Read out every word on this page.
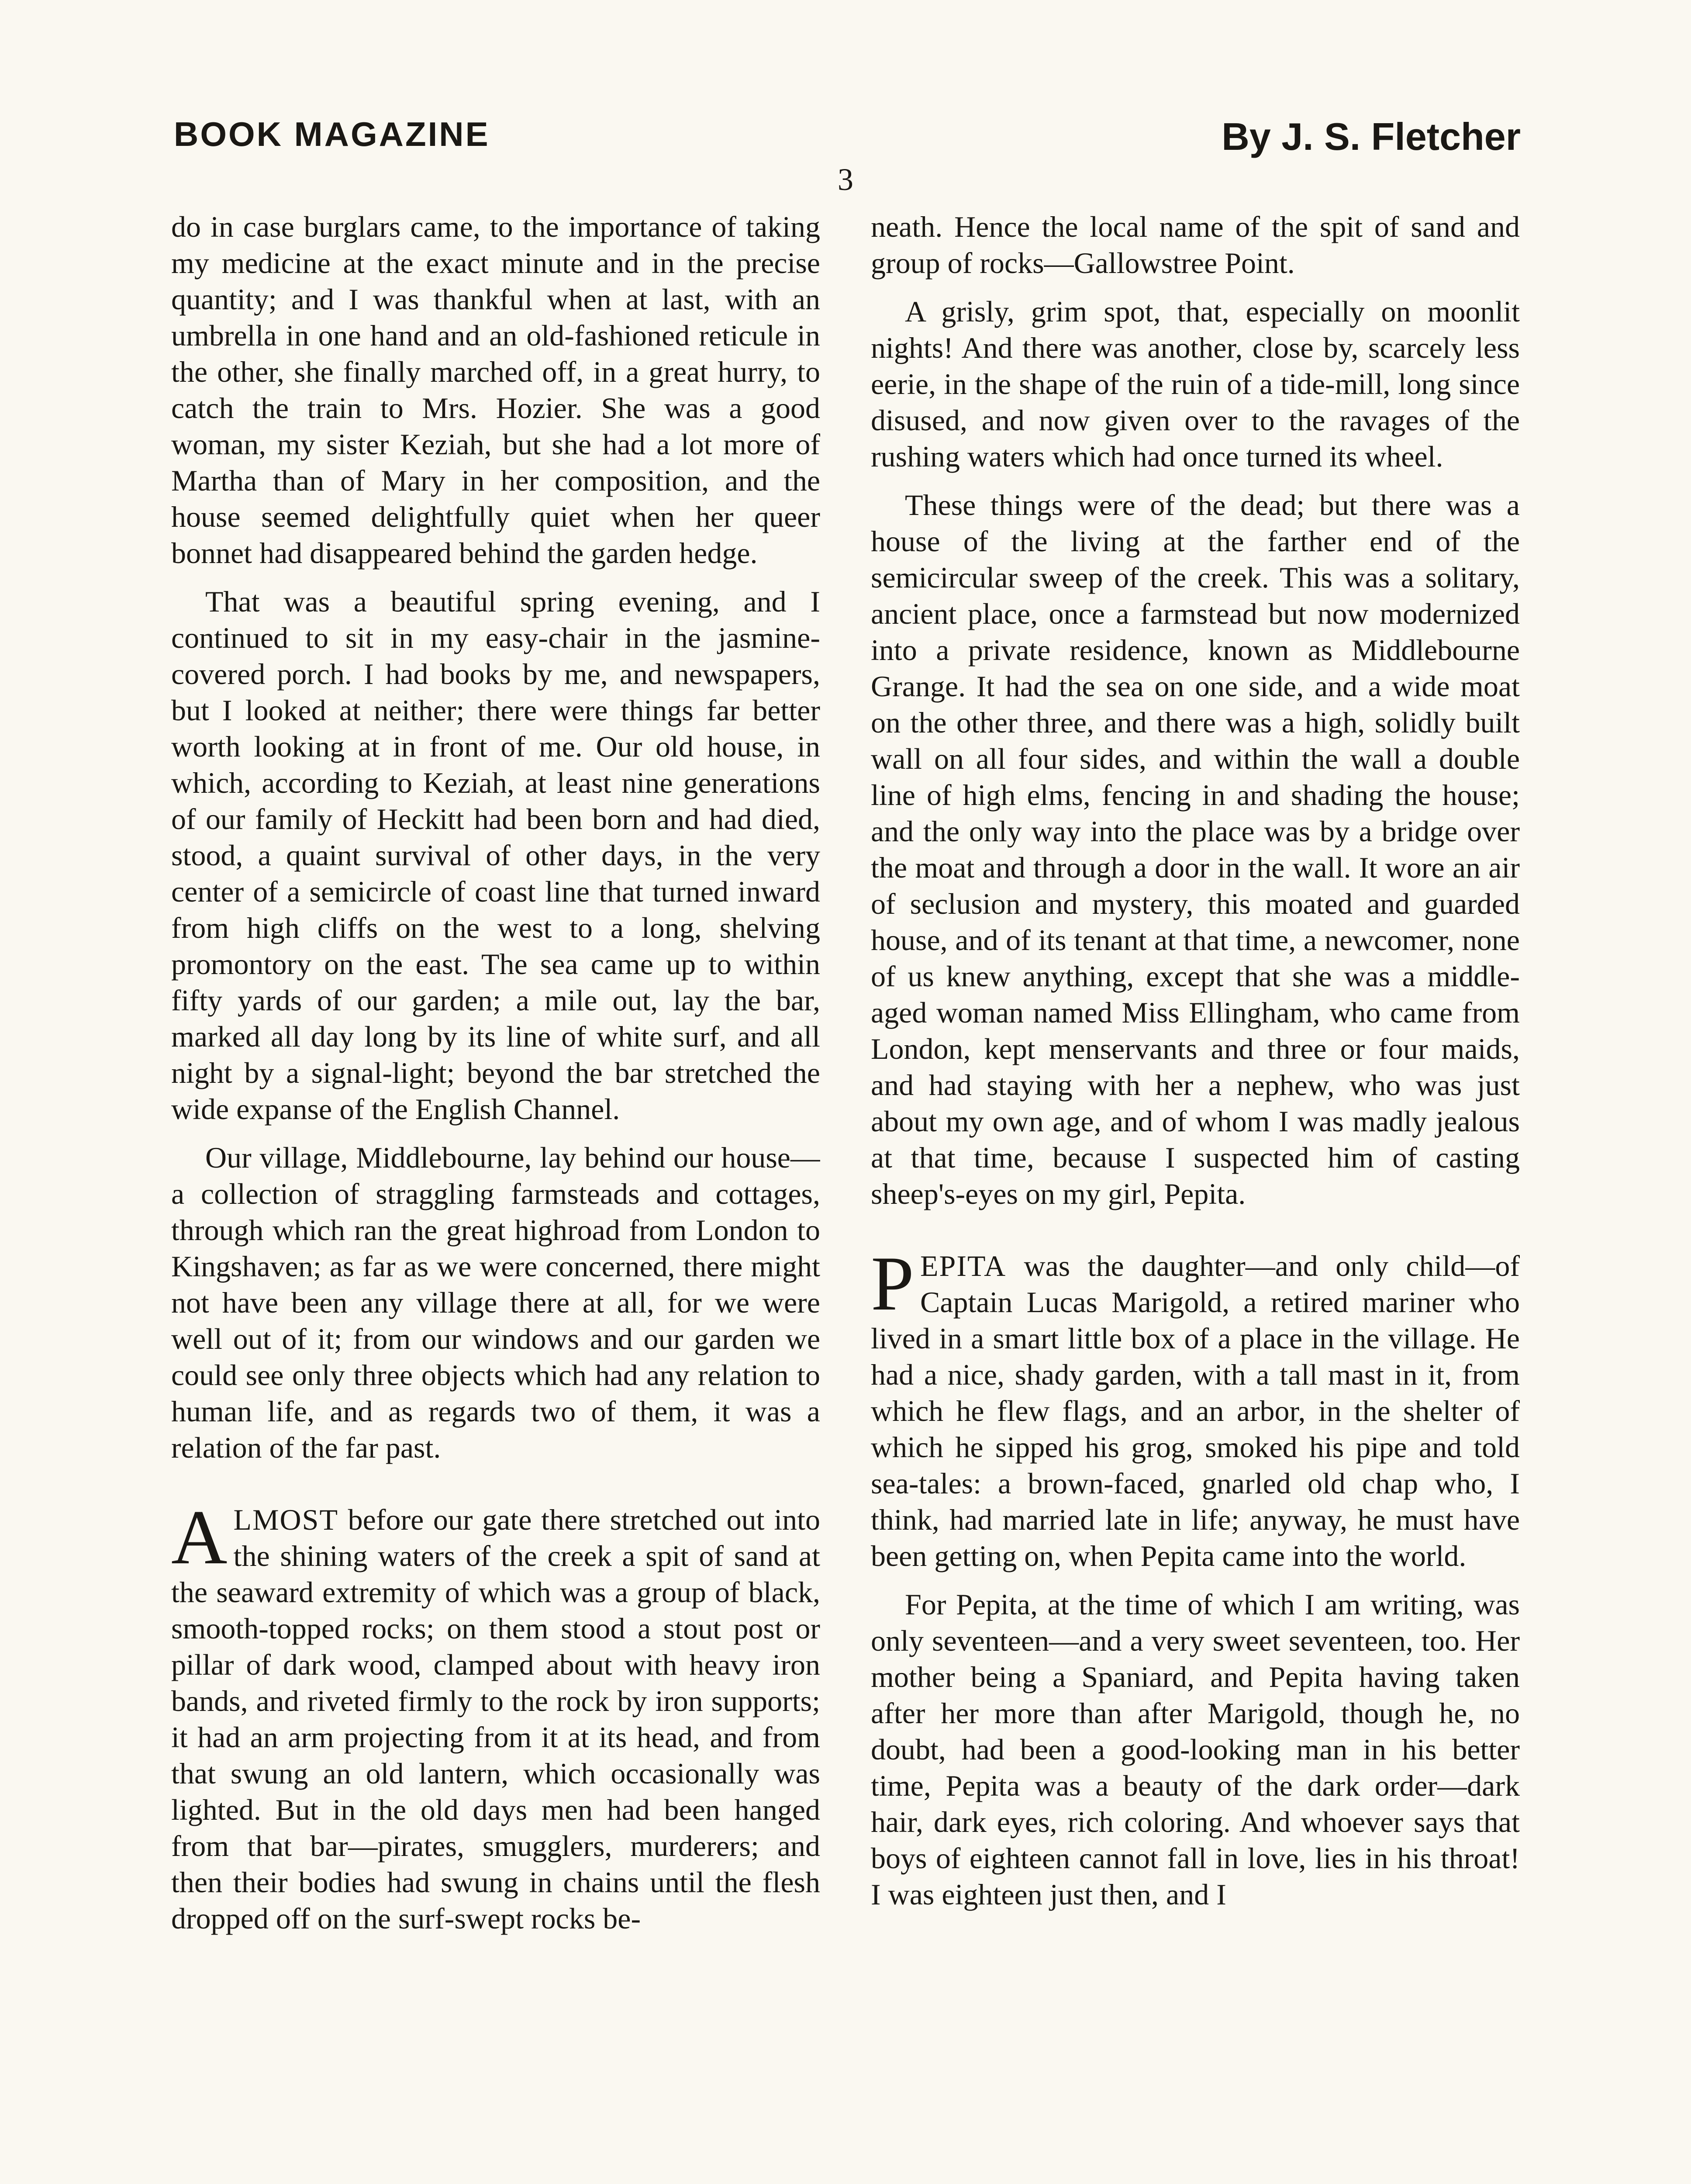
BOOK MAGAZINE	By J. S. Fletcher
3

do in case burglars came, to the importance of taking my medicine at the exact minute and in the precise quantity; and I was thankful when at last, with an umbrella in one hand and an old-fashioned reticule in the other, she finally marched off, in a great hurry, to catch the train to Mrs. Hozier. She was a good woman, my sister Keziah, but she had a lot more of Martha than of Mary in her composition, and the house seemed delightfully quiet when her queer bonnet had disappeared behind the garden hedge.

That was a beautiful spring evening, and I continued to sit in my easy-chair in the jasmine-covered porch. I had books by me, and newspapers, but I looked at neither; there were things far better worth looking at in front of me. Our old house, in which, according to Keziah, at least nine generations of our family of Heckitt had been born and had died, stood, a quaint survival of other days, in the very center of a semicircle of coast line that turned inward from high cliffs on the west to a long, shelving promontory on the east. The sea came up to within fifty yards of our garden; a mile out, lay the bar, marked all day long by its line of white surf, and all night by a signal-light; beyond the bar stretched the wide expanse of the English Channel.

Our village, Middlebourne, lay behind our house—a collection of straggling farmsteads and cottages, through which ran the great highroad from London to Kingshaven; as far as we were concerned, there might not have been any village there at all, for we were well out of it; from our windows and our garden we could see only three objects which had any relation to human life, and as regards two of them, it was a relation of the far past.

ALMOST before our gate there stretched out into the shining waters of the creek a spit of sand at the seaward extremity of which was a group of black, smooth-topped rocks; on them stood a stout post or pillar of dark wood, clamped about with heavy iron bands, and riveted firmly to the rock by iron supports; it had an arm projecting from it at its head, and from that swung an old lantern, which occasionally was lighted. But in the old days men had been hanged from that bar—pirates, smugglers, murderers; and then their bodies had swung in chains until the flesh dropped off on the surf-swept rocks be-

neath. Hence the local name of the spit of sand and group of rocks—Gallowstree Point.

A grisly, grim spot, that, especially on moonlit nights! And there was another, close by, scarcely less eerie, in the shape of the ruin of a tide-mill, long since disused, and now given over to the ravages of the rushing waters which had once turned its wheel.

These things were of the dead; but there was a house of the living at the farther end of the semicircular sweep of the creek. This was a solitary, ancient place, once a farmstead but now modernized into a private residence, known as Middlebourne Grange. It had the sea on one side, and a wide moat on the other three, and there was a high, solidly built wall on all four sides, and within the wall a double line of high elms, fencing in and shading the house; and the only way into the place was by a bridge over the moat and through a door in the wall. It wore an air of seclusion and mystery, this moated and guarded house, and of its tenant at that time, a newcomer, none of us knew anything, except that she was a middle-aged woman named Miss Ellingham, who came from London, kept menservants and three or four maids, and had staying with her a nephew, who was just about my own age, and of whom I was madly jealous at that time, because I suspected him of casting sheep's-eyes on my girl, Pepita.

PEPITA was the daughter—and only child—of Captain Lucas Marigold, a retired mariner who lived in a smart little box of a place in the village. He had a nice, shady garden, with a tall mast in it, from which he flew flags, and an arbor, in the shelter of which he sipped his grog, smoked his pipe and told sea-tales: a brown-faced, gnarled old chap who, I think, had married late in life; anyway, he must have been getting on, when Pepita came into the world.

For Pepita, at the time of which I am writing, was only seventeen—and a very sweet seventeen, too. Her mother being a Spaniard, and Pepita having taken after her more than after Marigold, though he, no doubt, had been a good-looking man in his better time, Pepita was a beauty of the dark order—dark hair, dark eyes, rich coloring. And whoever says that boys of eighteen cannot fall in love, lies in his throat! I was eighteen just then, and I
